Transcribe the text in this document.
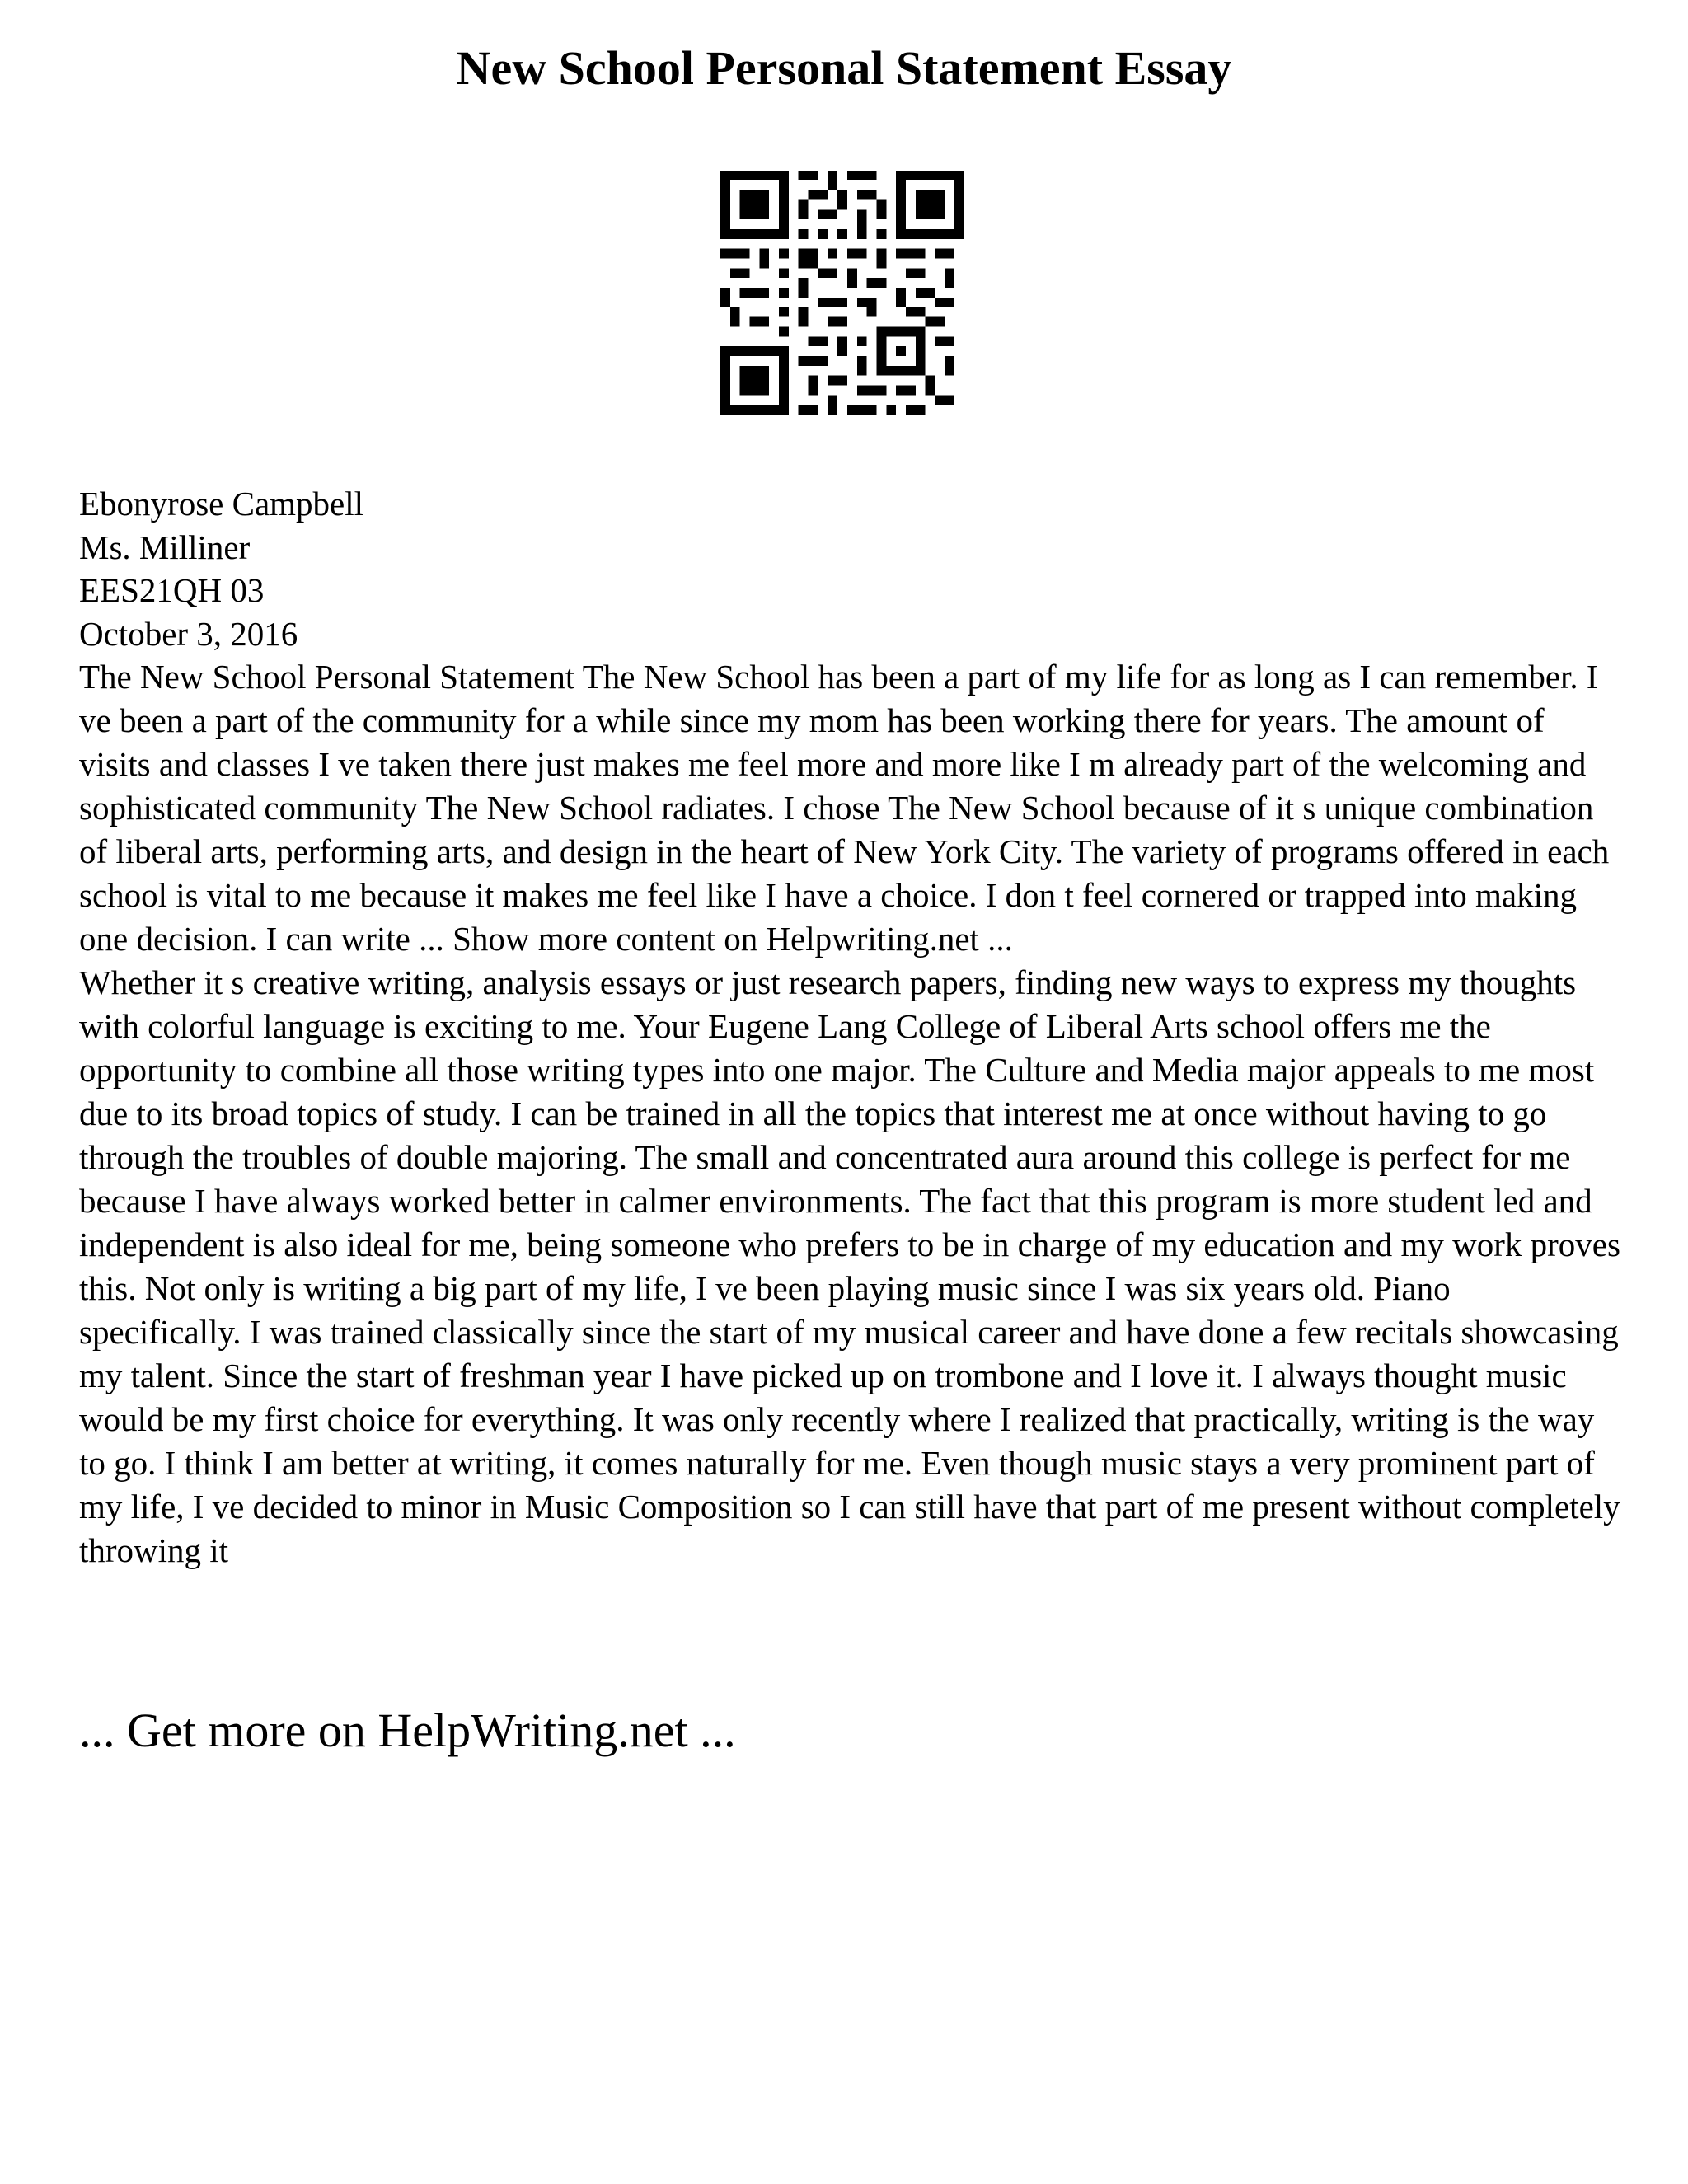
New School Personal Statement Essay
Ebonyrose Campbell
Ms. Milliner
EES21QH 03
October 3, 2016

The New School Personal Statement The New School has been a part of my life for as long as I can remember. I ve been a part of the community for a while since my mom has been working there for years. The amount of visits and classes I ve taken there just makes me feel more and more like I m already part of the welcoming and sophisticated community The New School radiates. I chose The New School because of it s unique combination of liberal arts, performing arts, and design in the heart of New York City. The variety of programs offered in each school is vital to me because it makes me feel like I have a choice. I don t feel cornered or trapped into making one decision. I can write ... Show more content on Helpwriting.net ...

Whether it s creative writing, analysis essays or just research papers, finding new ways to express my thoughts with colorful language is exciting to me. Your Eugene Lang College of Liberal Arts school offers me the opportunity to combine all those writing types into one major. The Culture and Media major appeals to me most due to its broad topics of study. I can be trained in all the topics that interest me at once without having to go through the troubles of double majoring. The small and concentrated aura around this college is perfect for me because I have always worked better in calmer environments. The fact that this program is more student led and independent is also ideal for me, being someone who prefers to be in charge of my education and my work proves this. Not only is writing a big part of my life, I ve been playing music since I was six years old. Piano specifically. I was trained classically since the start of my musical career and have done a few recitals showcasing my talent. Since the start of freshman year I have picked up on trombone and I love it. I always thought music would be my first choice for everything. It was only recently where I realized that practically, writing is the way to go. I think I am better at writing, it comes naturally for me. Even though music stays a very prominent part of my life, I ve decided to minor in Music Composition so I can still have that part of me present without completely throwing it

... Get more on HelpWriting.net ...
